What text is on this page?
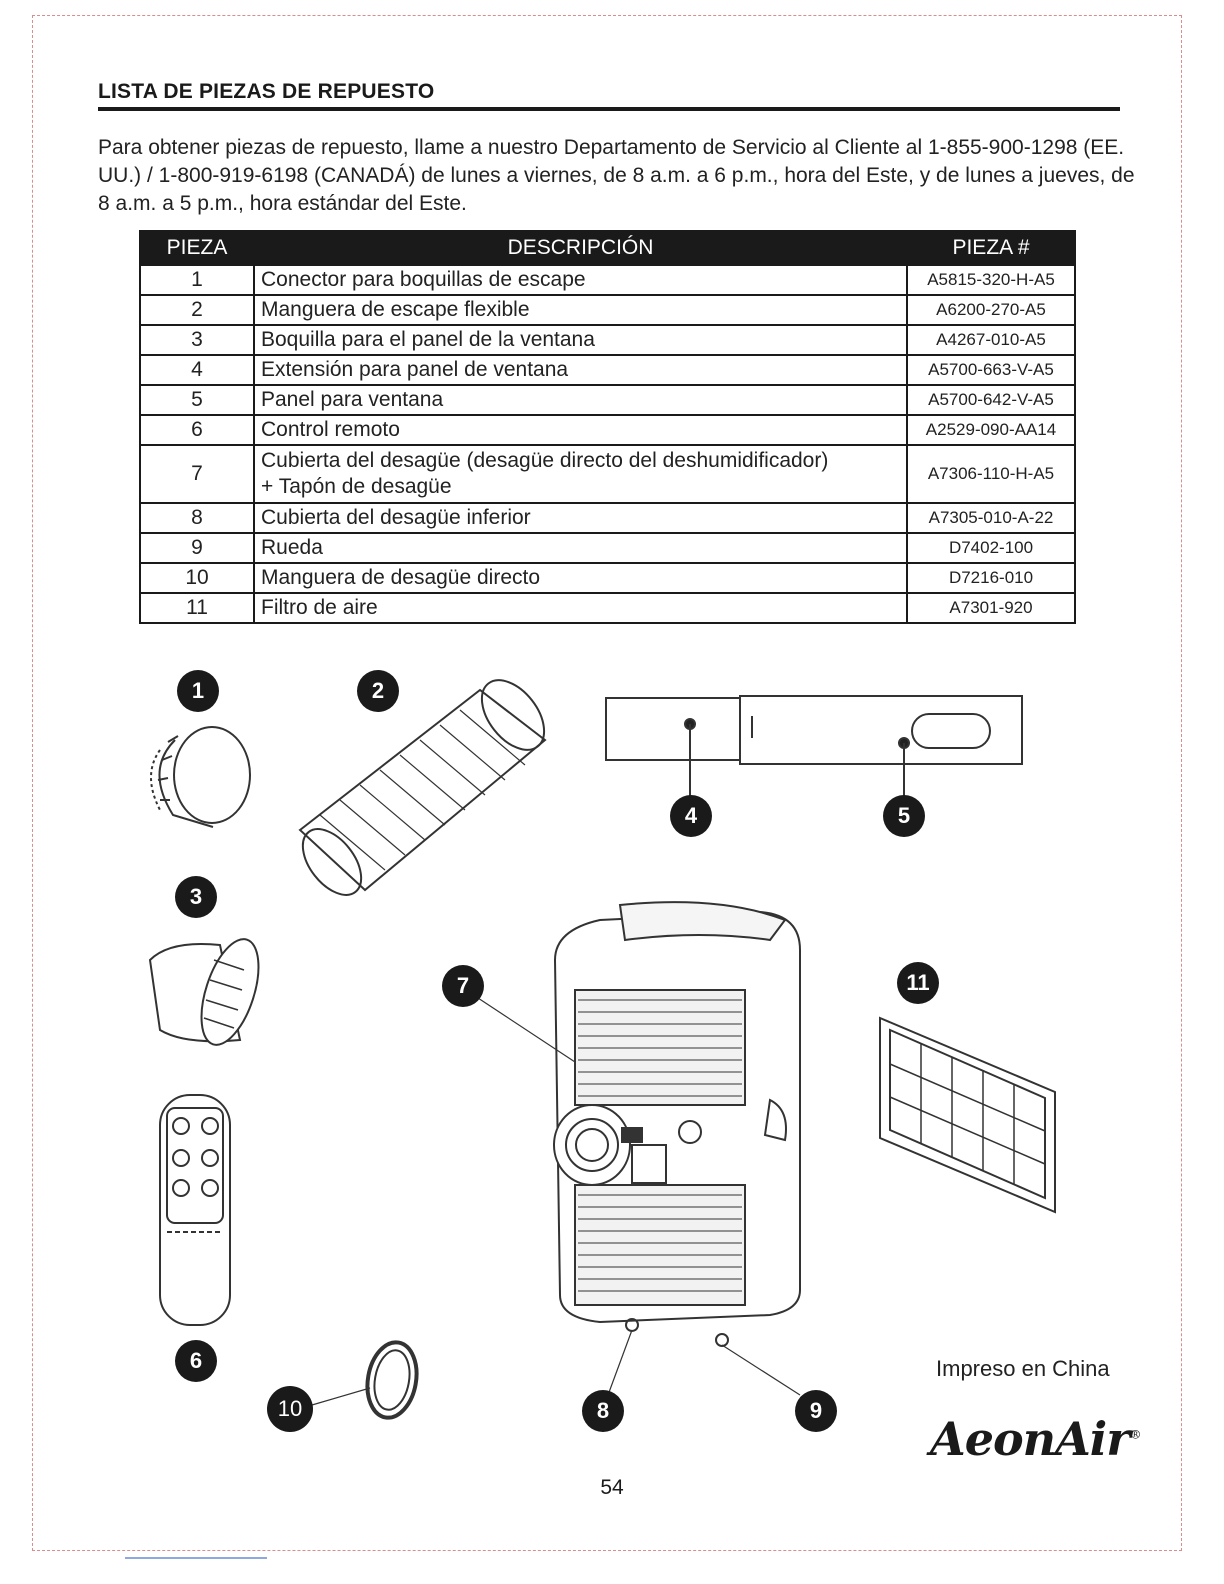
LISTA DE PIEZAS DE REPUESTO
Para obtener piezas de repuesto, llame a nuestro Departamento de Servicio al Cliente al 1-855-900-1298 (EE. UU.) / 1-800-919-6198 (CANADÁ) de lunes a viernes, de 8 a.m. a 6 p.m., hora del Este, y de lunes a jueves, de 8 a.m. a 5 p.m., hora estándar del Este.
PIEZA	DESCRIPCIÓN	PIEZA #
1	Conector para boquillas de escape	A5815-320-H-A5
2	Manguera de escape flexible	A6200-270-A5
3	Boquilla para el panel de la ventana	A4267-010-A5
4	Extensión para panel de ventana	A5700-663-V-A5
5	Panel para ventana	A5700-642-V-A5
6	Control remoto	A2529-090-AA14
7	Cubierta del desagüe (desagüe directo del deshumidificador)
+ Tapón de desagüe	A7306-110-H-A5
8	Cubierta del desagüe inferior	A7305-010-A-22
9	Rueda	D7402-100
10	Manguera de desagüe directo	D7216-010
11	Filtro de aire	A7301-920
1	2
3
4	5
6
7
8	9
10
11
Impreso en China
AeonAir®
54
